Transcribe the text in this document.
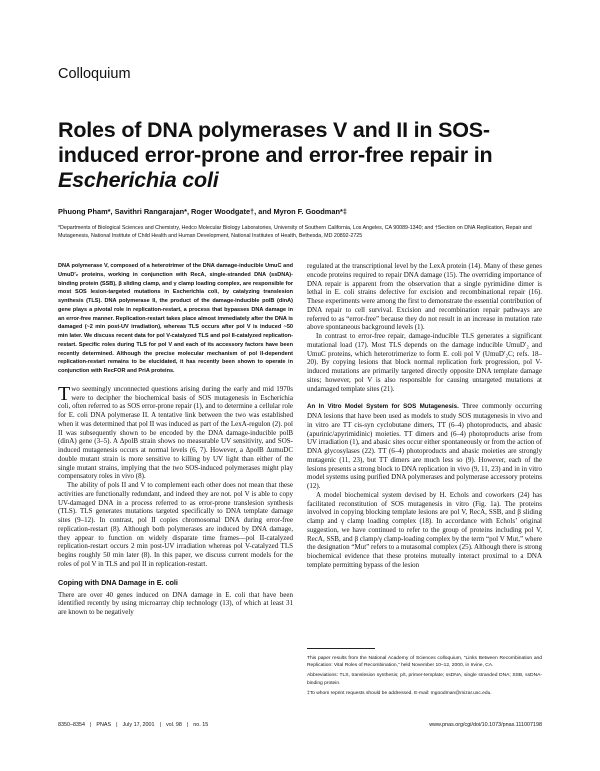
Colloquium
Roles of DNA polymerases V and II in SOS-induced error-prone and error-free repair in
Escherichia coli
Phuong Pham*, Savithri Rangarajan*, Roger Woodgate†, and Myron F. Goodman*‡
*Departments of Biological Sciences and Chemistry, Hedco Molecular Biology Laboratories, University of Southern California, Los Angeles, CA 90089-1340; and †Section on DNA Replication, Repair and Mutagenesis, National Institute of Child Health and Human Development, National Institutes of Health, Bethesda, MD 20892-2725

DNA polymerase V, composed of a heterotrimer of the DNA damage-inducible UmuC and UmuD′₂ proteins, working in conjunction with RecA, single-stranded DNA (ssDNA)-binding protein (SSB), β sliding clamp, and γ clamp loading complex, are responsible for most SOS lesion-targeted mutations in Escherichia coli, by catalyzing translesion synthesis (TLS). DNA polymerase II, the product of the damage-inducible polB (dinA) gene plays a pivotal role in replication-restart, a process that bypasses DNA damage in an error-free manner. Replication-restart takes place almost immediately after the DNA is damaged (~2 min post-UV irradiation), whereas TLS occurs after pol V is induced ~50 min later. We discuss recent data for pol V-catalyzed TLS and pol II-catalyzed replication-restart. Specific roles during TLS for pol V and each of its accessory factors have been recently determined. Although the precise molecular mechanism of pol II-dependent replication-restart remains to be elucidated, it has recently been shown to operate in conjunction with RecFOR and PriA proteins.

Two seemingly unconnected questions arising during the early and mid 1970s were to decipher the biochemical basis of SOS mutagenesis in Escherichia coli, often referred to as SOS error-prone repair (1), and to determine a cellular role for E. coli DNA polymerase II. A tentative link between the two was established when it was determined that pol II was induced as part of the LexA-regulon (2). pol II was subsequently shown to be encoded by the DNA damage-inducible polB (dinA) gene (3–5). A ΔpolB strain shows no measurable UV sensitivity, and SOS-induced mutagenesis occurs at normal levels (6, 7). However, a ΔpolB ΔumuDC double mutant strain is more sensitive to killing by UV light than either of the single mutant strains, implying that the two SOS-induced polymerases might play compensatory roles in vivo (8).

The ability of pols II and V to complement each other does not mean that these activities are functionally redundant, and indeed they are not. pol V is able to copy UV-damaged DNA in a process referred to as error-prone translesion synthesis (TLS). TLS generates mutations targeted specifically to DNA template damage sites (9–12). In contrast, pol II copies chromosomal DNA during error-free replication-restart (8). Although both polymerases are induced by DNA damage, they appear to function on widely disparate time frames—pol II-catalyzed replication-restart occurs 2 min post-UV irradiation whereas pol V-catalyzed TLS begins roughly 50 min later (8). In this paper, we discuss current models for the roles of pol V in TLS and pol II in replication-restart.

Coping with DNA Damage in E. coli

There are over 40 genes induced on DNA damage in E. coli that have been identified recently by using microarray chip technology (13), of which at least 31 are known to be negatively

regulated at the transcriptional level by the LexA protein (14). Many of these genes encode proteins required to repair DNA damage (15). The overriding importance of DNA repair is apparent from the observation that a single pyrimidine dimer is lethal in E. coli strains defective for excision and recombinational repair (16). These experiments were among the first to demonstrate the essential contribution of DNA repair to cell survival. Excision and recombination repair pathways are referred to as “error-free” because they do not result in an increase in mutation rate above spontaneous background levels (1).

In contrast to error-free repair, damage-inducible TLS generates a significant mutational load (17). Most TLS depends on the damage inducible UmuD′₂ and UmuC proteins, which heterotrimerize to form E. coli pol V (UmuD′₂C; refs. 18–20). By copying lesions that block normal replication fork progression, pol V-induced mutations are primarily targeted directly opposite DNA template damage sites; however, pol V is also responsible for causing untargeted mutations at undamaged template sites (21).

An In Vitro Model System for SOS Mutagenesis. Three commonly occurring DNA lesions that have been used as models to study SOS mutagenesis in vivo and in vitro are TT cis-syn cyclobutane dimers, TT (6–4) photoproducts, and abasic (apurinic/apyrimidinic) moieties. TT dimers and (6–4) photoproducts arise from UV irradiation (1), and abasic sites occur either spontaneously or from the action of DNA glycosylases (22). TT (6–4) photoproducts and abasic moieties are strongly mutagenic (11, 23), but TT dimers are much less so (9). However, each of the lesions presents a strong block to DNA replication in vivo (9, 11, 23) and in in vitro model systems using purified DNA polymerases and polymerase accessory proteins (12).

A model biochemical system devised by H. Echols and coworkers (24) has facilitated reconstitution of SOS mutagenesis in vitro (Fig. 1a). The proteins involved in copying blocking template lesions are pol V, RecA, SSB, and β sliding clamp and γ clamp loading complex (18). In accordance with Echols’ original suggestion, we have continued to refer to the group of proteins including pol V, RecA, SSB, and β clamp/γ clamp-loading complex by the term “pol V Mut,” where the designation “Mut” refers to a mutasomal complex (25). Although there is strong biochemical evidence that these proteins mutually interact proximal to a DNA template permitting bypass of the lesion

This paper results from the National Academy of Sciences colloquium, “Links Between Recombination and Replication: Vital Roles of Recombination,” held November 10–12, 2000, in Irvine, CA.

Abbreviations: TLS, translesion synthesis; p/t, primer-template; ssDNA, single stranded DNA; SSB, ssDNA-binding protein.

‡To whom reprint requests should be addressed. E-mail: mgoodman@mizar.usc.edu.

www.pnas.org/cgi/doi/10.1073/pnas.111007198
8350–8354 | PNAS | July 17, 2001 | vol. 98 | no. 15
